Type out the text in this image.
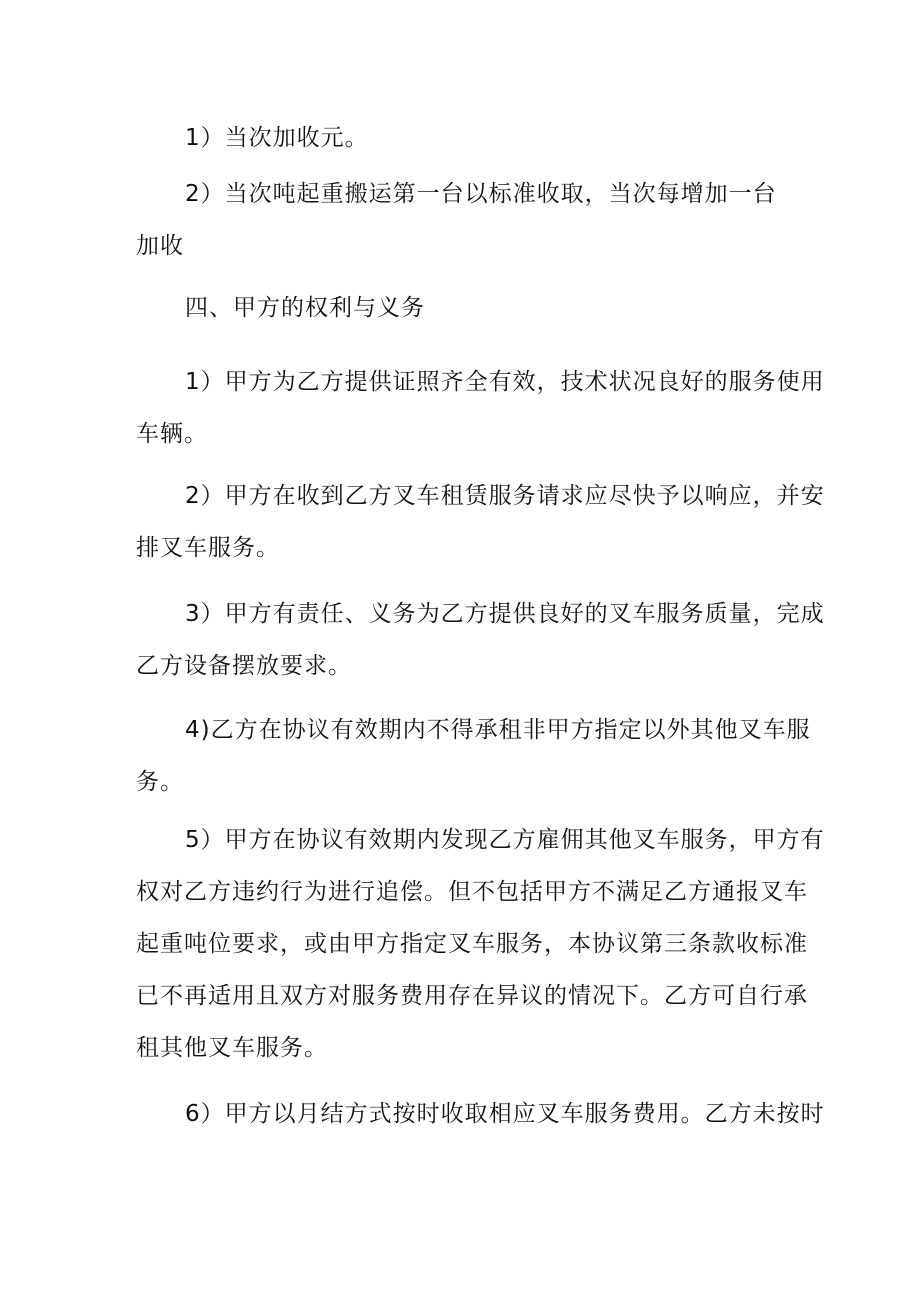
1）当次加收元。
2）当次吨起重搬运第一台以标准收取，当次每增加一台
加收
四、甲方的权利与义务
1）甲方为乙方提供证照齐全有效，技术状况良好的服务使用
车辆。
2）甲方在收到乙方叉车租赁服务请求应尽快予以响应，并安
排叉车服务。
3）甲方有责任、义务为乙方提供良好的叉车服务质量，完成
乙方设备摆放要求。
4)乙方在协议有效期内不得承租非甲方指定以外其他叉车服
务。
5）甲方在协议有效期内发现乙方雇佣其他叉车服务，甲方有
权对乙方违约行为进行追偿。但不包括甲方不满足乙方通报叉车
起重吨位要求，或由甲方指定叉车服务，本协议第三条款收标准
已不再适用且双方对服务费用存在异议的情况下。乙方可自行承
租其他叉车服务。
6）甲方以月结方式按时收取相应叉车服务费用。乙方未按时
